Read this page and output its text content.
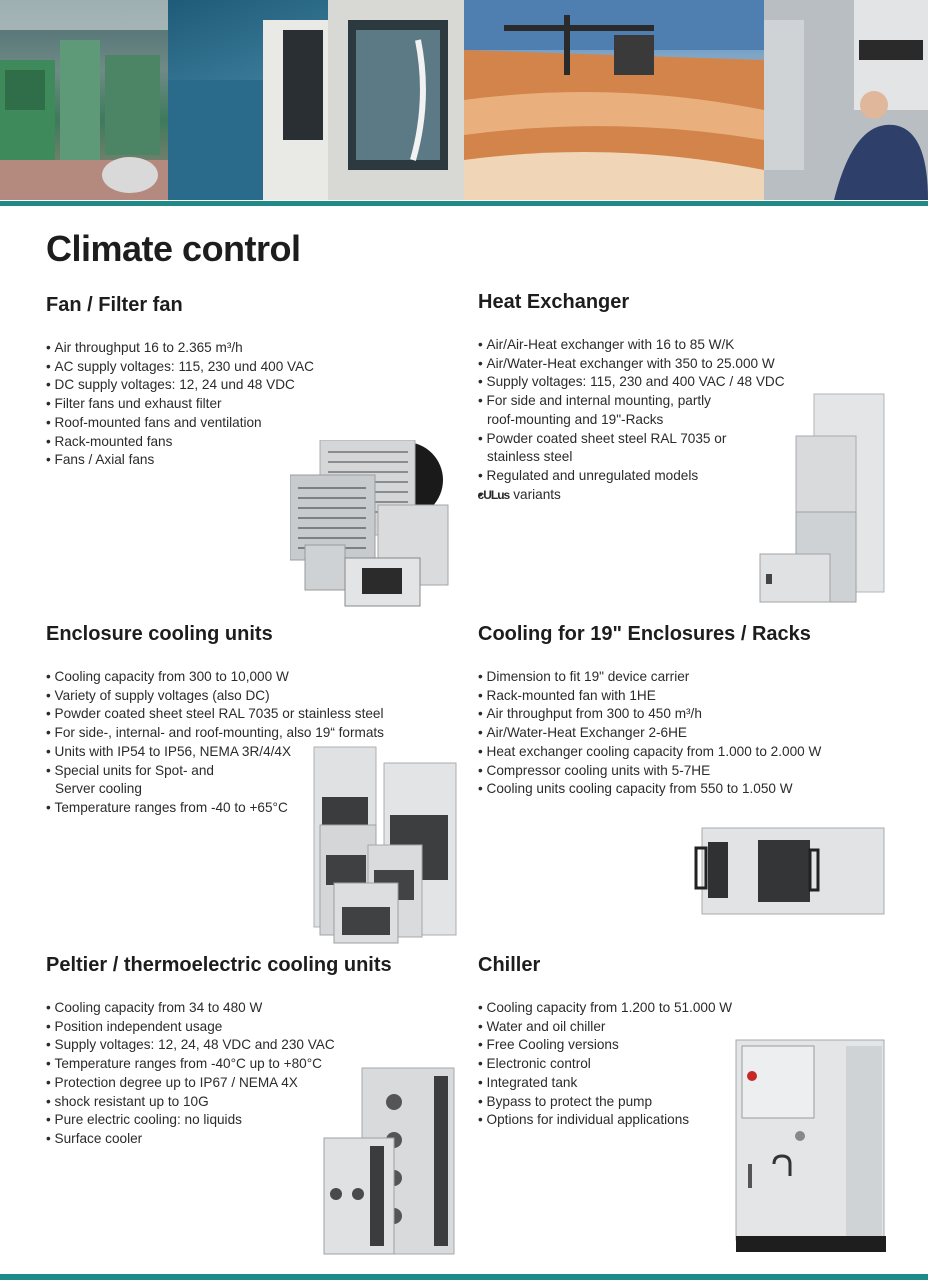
Climate control
Fan / Filter fan
• Air throughput 16 to 2.365 m³/h
• AC supply voltages: 115, 230 und 400 VAC
• DC supply voltages: 12, 24 und 48 VDC
• Filter fans und exhaust filter
• Roof-mounted fans and ventilation
• Rack-mounted fans
• Fans / Axial fans
Heat Exchanger
• Air/Air-Heat exchanger with 16 to 85 W/K
• Air/Water-Heat exchanger with 350 to 25.000 W
• Supply voltages: 115, 230 and 400 VAC / 48 VDC
• For side and internal mounting, partly roof-mounting and 19"-Racks
• Powder coated sheet steel RAL 7035 or stainless steel
• Regulated and unregulated models
• cULus variants
Enclosure cooling units
• Cooling capacity from 300 to 10,000 W
• Variety of supply voltages (also DC)
• Powder coated sheet steel RAL 7035 or stainless steel
• For side-, internal- and roof-mounting, also 19“ formats
• Units with IP54 to IP56, NEMA 3R/4/4X
• Special units for Spot- and Server cooling
• Temperature ranges from -40 to +65°C
Cooling for 19" Enclosures / Racks
• Dimension to fit 19" device carrier
• Rack-mounted fan with 1HE
• Air throughput from 300 to 450 m³/h
• Air/Water-Heat Exchanger 2-6HE
• Heat exchanger cooling capacity from 1.000 to 2.000 W
• Compressor cooling units with 5-7HE
• Cooling units cooling capacity from 550 to 1.050 W
Peltier / thermoelectric cooling units
• Cooling capacity from 34 to 480 W
• Position independent usage
• Supply voltages: 12, 24, 48 VDC and 230 VAC
• Temperature ranges from -40°C up to +80°C
• Protection degree up to IP67 / NEMA 4X
• shock resistant up to 10G
• Pure electric cooling: no liquids
• Surface cooler
Chiller
• Cooling capacity from 1.200 to 51.000 W
• Water and oil chiller
• Free Cooling versions
• Electronic control
• Integrated tank
• Bypass to protect the pump
• Options for individual applications
